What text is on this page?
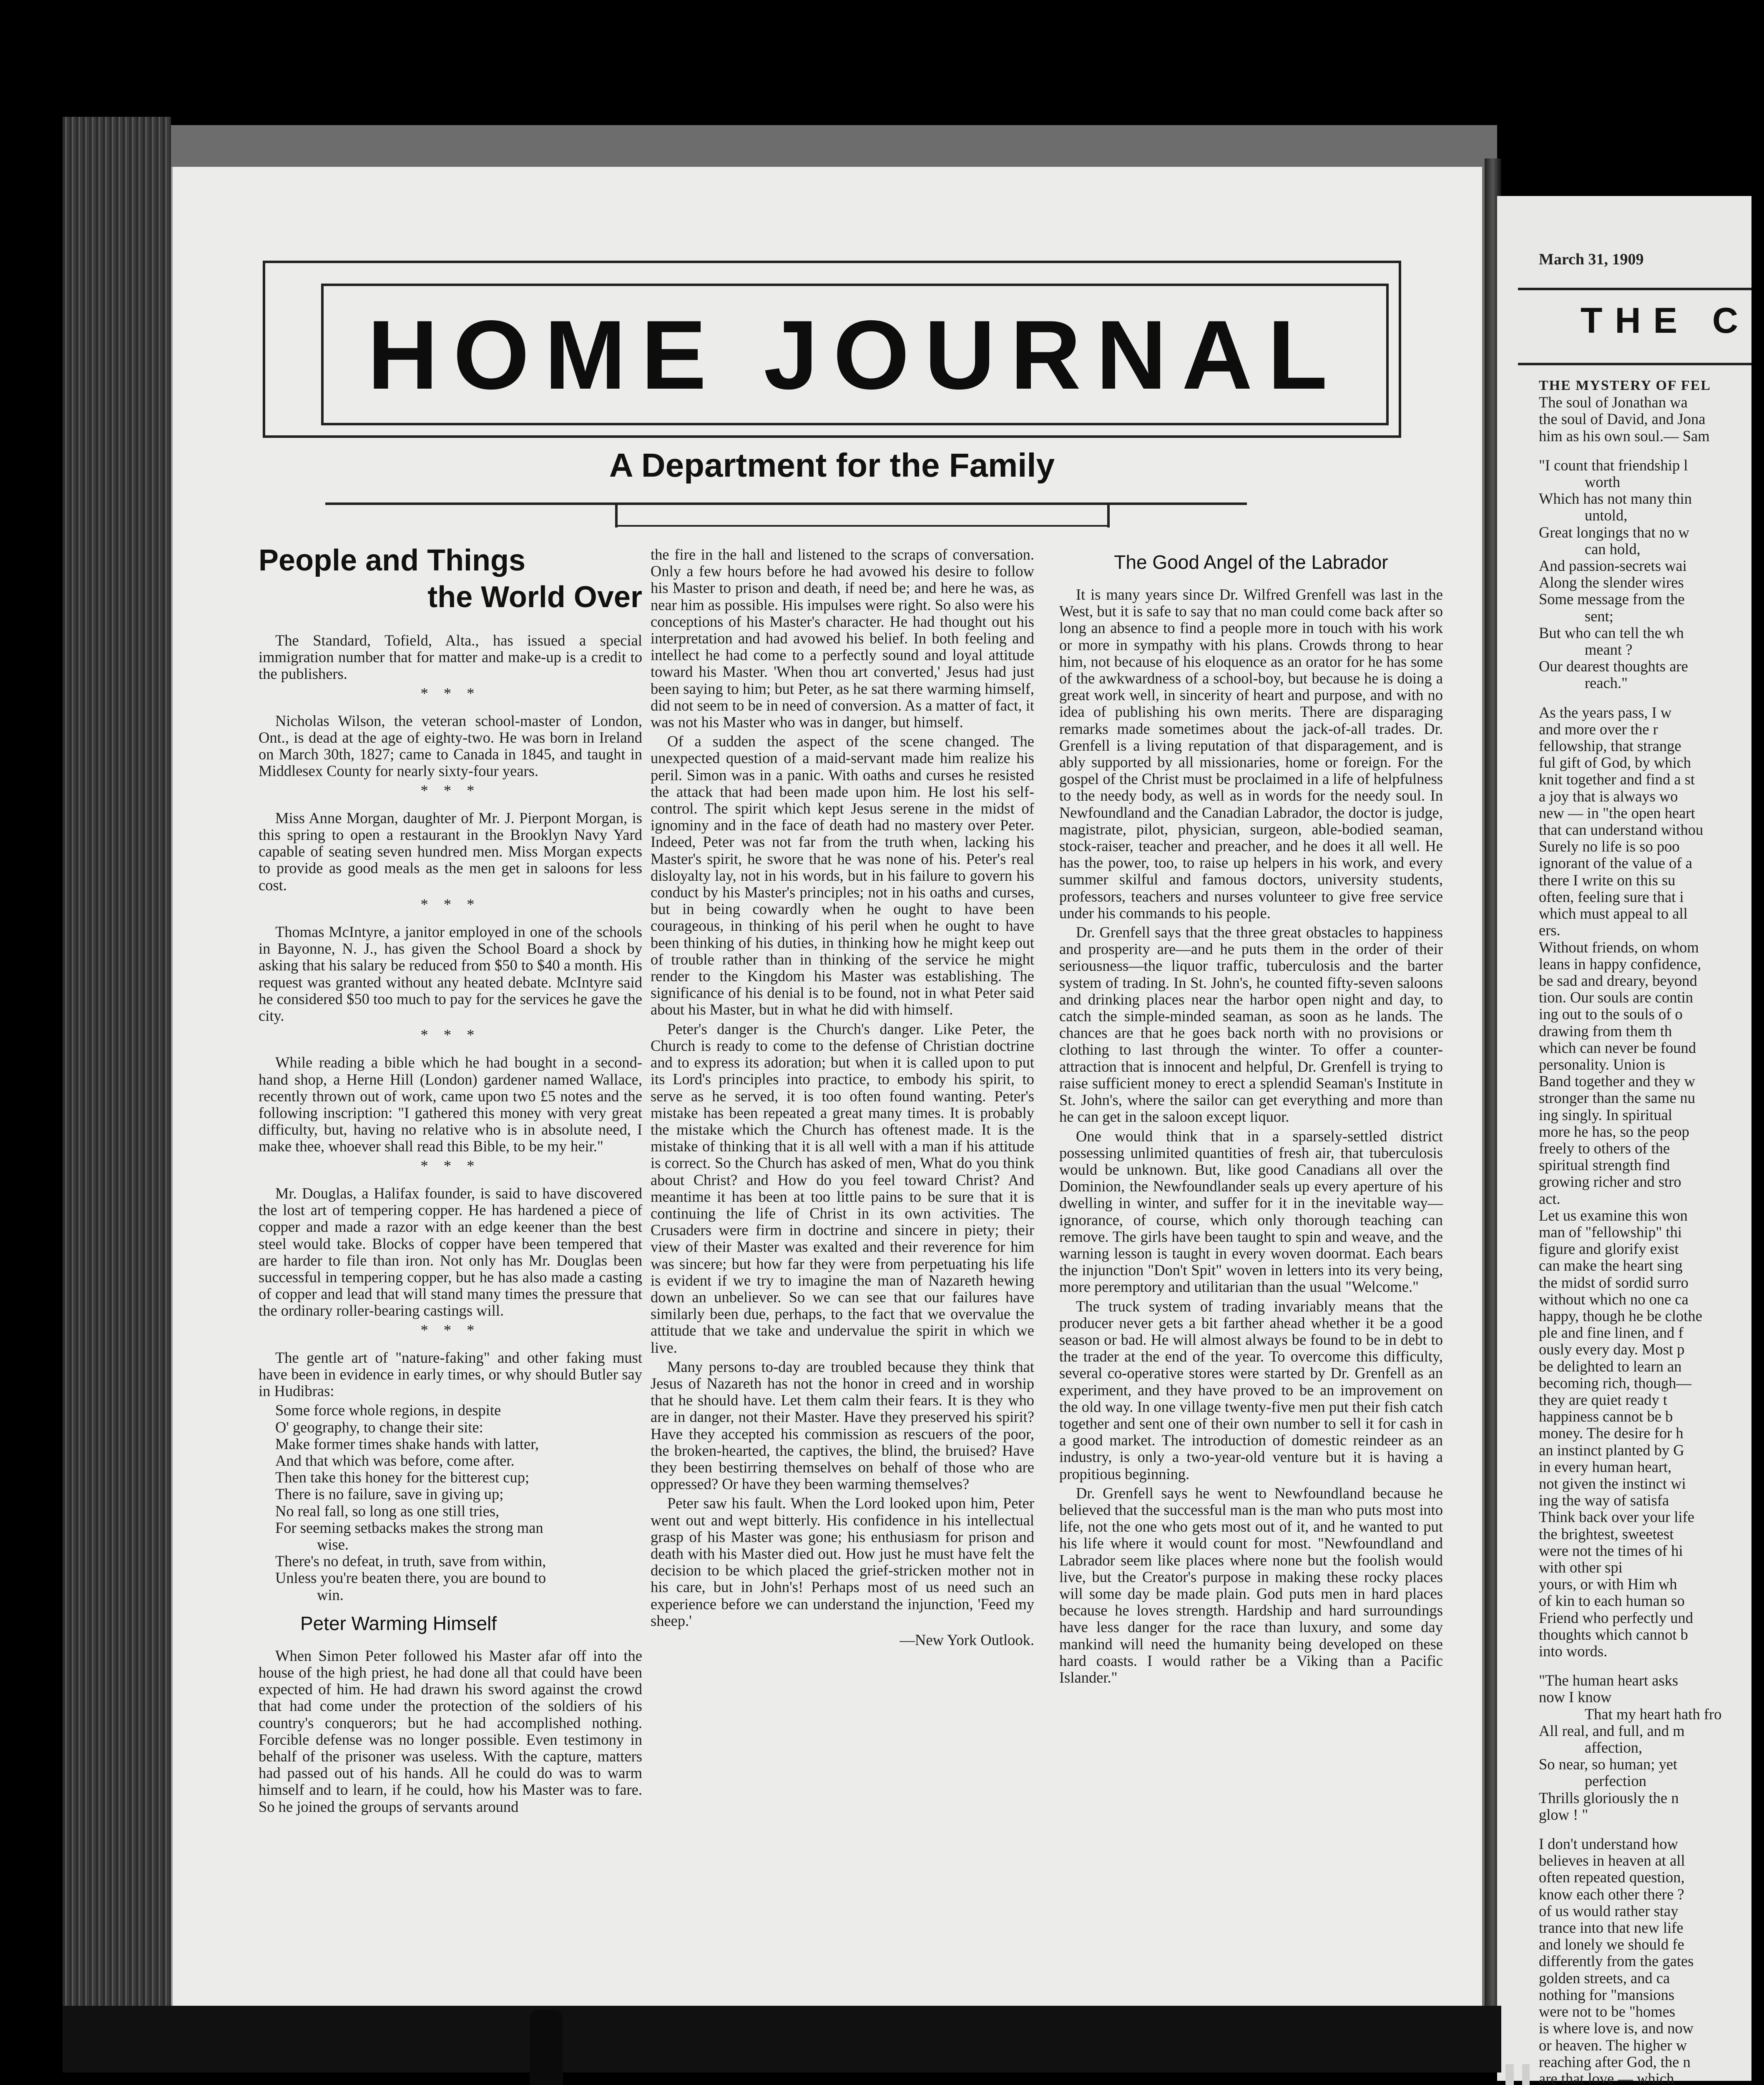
HOME JOURNAL
A Department for the Family
People and Things
the World Over

The Standard, Tofield, Alta., has issued a special immigration number that for matter and make-up is a credit to the publishers.

* * *

Nicholas Wilson, the veteran school-master of London, Ont., is dead at the age of eighty-two. He was born in Ireland on March 30th, 1827; came to Canada in 1845, and taught in Middlesex County for nearly sixty-four years.

* * *

Miss Anne Morgan, daughter of Mr. J. Pierpont Morgan, is this spring to open a restaurant in the Brooklyn Navy Yard capable of seating seven hundred men. Miss Morgan expects to provide as good meals as the men get in saloons for less cost.

* * *

Thomas McIntyre, a janitor employed in one of the schools in Bayonne, N. J., has given the School Board a shock by asking that his salary be reduced from $50 to $40 a month. His request was granted without any heated debate. McIntyre said he considered $50 too much to pay for the services he gave the city.

* * *

While reading a bible which he had bought in a second-hand shop, a Herne Hill (London) gardener named Wallace, recently thrown out of work, came upon two £5 notes and the following inscription: "I gathered this money with very great difficulty, but, having no relative who is in absolute need, I make thee, whoever shall read this Bible, to be my heir."

* * *

Mr. Douglas, a Halifax founder, is said to have discovered the lost art of tempering copper. He has hardened a piece of copper and made a razor with an edge keener than the best steel would take. Blocks of copper have been tempered that are harder to file than iron. Not only has Mr. Douglas been successful in tempering copper, but he has also made a casting of copper and lead that will stand many times the pressure that the ordinary roller-bearing castings will.

* * *

The gentle art of "nature-faking" and other faking must have been in evidence in early times, or why should Butler say in Hudibras:

Some force whole regions, in despite
O' geography, to change their site:
Make former times shake hands with latter,
And that which was before, come after.
Then take this honey for the bitterest cup;
There is no failure, save in giving up;
No real fall, so long as one still tries,
For seeming setbacks makes the strong man
wise.
There's no defeat, in truth, save from within,
Unless you're beaten there, you are bound to
win.
Peter Warming Himself

When Simon Peter followed his Master afar off into the house of the high priest, he had done all that could have been expected of him. He had drawn his sword against the crowd that had come under the protection of the soldiers of his country's conquerors; but he had accomplished nothing. Forcible defense was no longer possible. Even testimony in behalf of the prisoner was useless. With the capture, matters had passed out of his hands. All he could do was to warm himself and to learn, if he could, how his Master was to fare. So he joined the groups of servants around

the fire in the hall and listened to the scraps of conversation. Only a few hours before he had avowed his desire to follow his Master to prison and death, if need be; and here he was, as near him as possible. His impulses were right. So also were his conceptions of his Master's character. He had thought out his interpretation and had avowed his belief. In both feeling and intellect he had come to a perfectly sound and loyal attitude toward his Master. 'When thou art converted,' Jesus had just been saying to him; but Peter, as he sat there warming himself, did not seem to be in need of conversion. As a matter of fact, it was not his Master who was in danger, but himself.

Of a sudden the aspect of the scene changed. The unexpected question of a maid-servant made him realize his peril. Simon was in a panic. With oaths and curses he resisted the attack that had been made upon him. He lost his self-control. The spirit which kept Jesus serene in the midst of ignominy and in the face of death had no mastery over Peter. Indeed, Peter was not far from the truth when, lacking his Master's spirit, he swore that he was none of his. Peter's real disloyalty lay, not in his words, but in his failure to govern his conduct by his Master's principles; not in his oaths and curses, but in being cowardly when he ought to have been courageous, in thinking of his peril when he ought to have been thinking of his duties, in thinking how he might keep out of trouble rather than in thinking of the service he might render to the Kingdom his Master was establishing. The significance of his denial is to be found, not in what Peter said about his Master, but in what he did with himself.

Peter's danger is the Church's danger. Like Peter, the Church is ready to come to the defense of Christian doctrine and to express its adoration; but when it is called upon to put its Lord's principles into practice, to embody his spirit, to serve as he served, it is too often found wanting. Peter's mistake has been repeated a great many times. It is probably the mistake which the Church has oftenest made. It is the mistake of thinking that it is all well with a man if his attitude is correct. So the Church has asked of men, What do you think about Christ? and How do you feel toward Christ? And meantime it has been at too little pains to be sure that it is continuing the life of Christ in its own activities. The Crusaders were firm in doctrine and sincere in piety; their view of their Master was exalted and their reverence for him was sincere; but how far they were from perpetuating his life is evident if we try to imagine the man of Nazareth hewing down an unbeliever. So we can see that our failures have similarly been due, perhaps, to the fact that we overvalue the attitude that we take and undervalue the spirit in which we live.

Many persons to-day are troubled because they think that Jesus of Nazareth has not the honor in creed and in worship that he should have. Let them calm their fears. It is they who are in danger, not their Master. Have they preserved his spirit? Have they accepted his commission as rescuers of the poor, the broken-hearted, the captives, the blind, the bruised? Have they been bestirring themselves on behalf of those who are oppressed? Or have they been warming themselves?

Peter saw his fault. When the Lord looked upon him, Peter went out and wept bitterly. His confidence in his intellectual grasp of his Master was gone; his enthusiasm for prison and death with his Master died out. How just he must have felt the decision to be which placed the grief-stricken mother not in his care, but in John's! Perhaps most of us need such an experience before we can understand the injunction, 'Feed my sheep.'

—New York Outlook.

The Good Angel of the Labrador

It is many years since Dr. Wilfred Grenfell was last in the West, but it is safe to say that no man could come back after so long an absence to find a people more in touch with his work or more in sympathy with his plans. Crowds throng to hear him, not because of his eloquence as an orator for he has some of the awkwardness of a school-boy, but because he is doing a great work well, in sincerity of heart and purpose, and with no idea of publishing his own merits. There are disparaging remarks made sometimes about the jack-of-all trades. Dr. Grenfell is a living reputation of that disparagement, and is ably supported by all missionaries, home or foreign. For the gospel of the Christ must be proclaimed in a life of helpfulness to the needy body, as well as in words for the needy soul. In Newfoundland and the Canadian Labrador, the doctor is judge, magistrate, pilot, physician, surgeon, able-bodied seaman, stock-raiser, teacher and preacher, and he does it all well. He has the power, too, to raise up helpers in his work, and every summer skilful and famous doctors, university students, professors, teachers and nurses volunteer to give free service under his commands to his people.

Dr. Grenfell says that the three great obstacles to happiness and prosperity are—and he puts them in the order of their seriousness—the liquor traffic, tuberculosis and the barter system of trading. In St. John's, he counted fifty-seven saloons and drinking places near the harbor open night and day, to catch the simple-minded seaman, as soon as he lands. The chances are that he goes back north with no provisions or clothing to last through the winter. To offer a counter-attraction that is innocent and helpful, Dr. Grenfell is trying to raise sufficient money to erect a splendid Seaman's Institute in St. John's, where the sailor can get everything and more than he can get in the saloon except liquor.

One would think that in a sparsely-settled district possessing unlimited quantities of fresh air, that tuberculosis would be unknown. But, like good Canadians all over the Dominion, the Newfoundlander seals up every aperture of his dwelling in winter, and suffer for it in the inevitable way—ignorance, of course, which only thorough teaching can remove. The girls have been taught to spin and weave, and the warning lesson is taught in every woven doormat. Each bears the injunction "Don't Spit" woven in letters into its very being, more peremptory and utilitarian than the usual "Welcome."

The truck system of trading invariably means that the producer never gets a bit farther ahead whether it be a good season or bad. He will almost always be found to be in debt to the trader at the end of the year. To overcome this difficulty, several co-operative stores were started by Dr. Grenfell as an experiment, and they have proved to be an improvement on the old way. In one village twenty-five men put their fish catch together and sent one of their own number to sell it for cash in a good market. The introduction of domestic reindeer as an industry, is only a two-year-old venture but it is having a propitious beginning.

Dr. Grenfell says he went to Newfoundland because he believed that the successful man is the man who puts most into life, not the one who gets most out of it, and he wanted to put his life where it would count for most. "Newfoundland and Labrador seem like places where none but the foolish would live, but the Creator's purpose in making these rocky places will some day be made plain. God puts men in hard places because he loves strength. Hardship and hard surroundings have less danger for the race than luxury, and some day mankind will need the humanity being developed on these hard coasts. I would rather be a Viking than a Pacific Islander."

March 31, 1909
THE C
THE MYSTERY OF FEL
The soul of Jonathan wa
the soul of David, and Jona
him as his own soul.— Sam
"I count that friendship l
worth
Which has not many thin
untold,
Great longings that no w
can hold,
And passion-secrets wai
Along the slender wires
Some message from the
sent;
But who can tell the wh
meant ?
Our dearest thoughts are
reach."
As the years pass, I w
and more over the r
fellowship, that strange
ful gift of God, by which
knit together and find a st
a joy that is always wo
new — in "the open heart
that can understand withou
Surely no life is so poo
ignorant of the value of a
there I write on this su
often, feeling sure that i
which must appeal to all
ers.
Without friends, on whom
leans in happy confidence,
be sad and dreary, beyond
tion. Our souls are contin
ing out to the souls of o
drawing from them th
which can never be found
personality. Union is
Band together and they w
stronger than the same nu
ing singly. In spiritual
more he has, so the peop
freely to others of the
spiritual strength find
growing richer and stro
act.
Let us examine this won
man of "fellowship" thi
figure and glorify exist
can make the heart sing
the midst of sordid surro
without which no one ca
happy, though he be clothe
ple and fine linen, and f
ously every day. Most p
be delighted to learn an
becoming rich, though—
they are quiet ready t
happiness cannot be b
money. The desire for h
an instinct planted by G
in every human heart,
not given the instinct wi
ing the way of satisfa
Think back over your life
the brightest, sweetest
were not the times of hi
with other spi
yours, or with Him wh
of kin to each human so
Friend who perfectly und
thoughts which cannot b
into words.
"The human heart asks
now I know
That my heart hath fro
All real, and full, and m
affection,
So near, so human; yet
perfection
Thrills gloriously the n
glow ! "
I don't understand how
believes in heaven at all
often repeated question,
know each other there ?
of us would rather stay
trance into that new life
and lonely we should fe
differently from the gates
golden streets, and ca
nothing for "mansions
were not to be "homes
is where love is, and now
or heaven. The higher w
reaching after God, the n
are that love — which
